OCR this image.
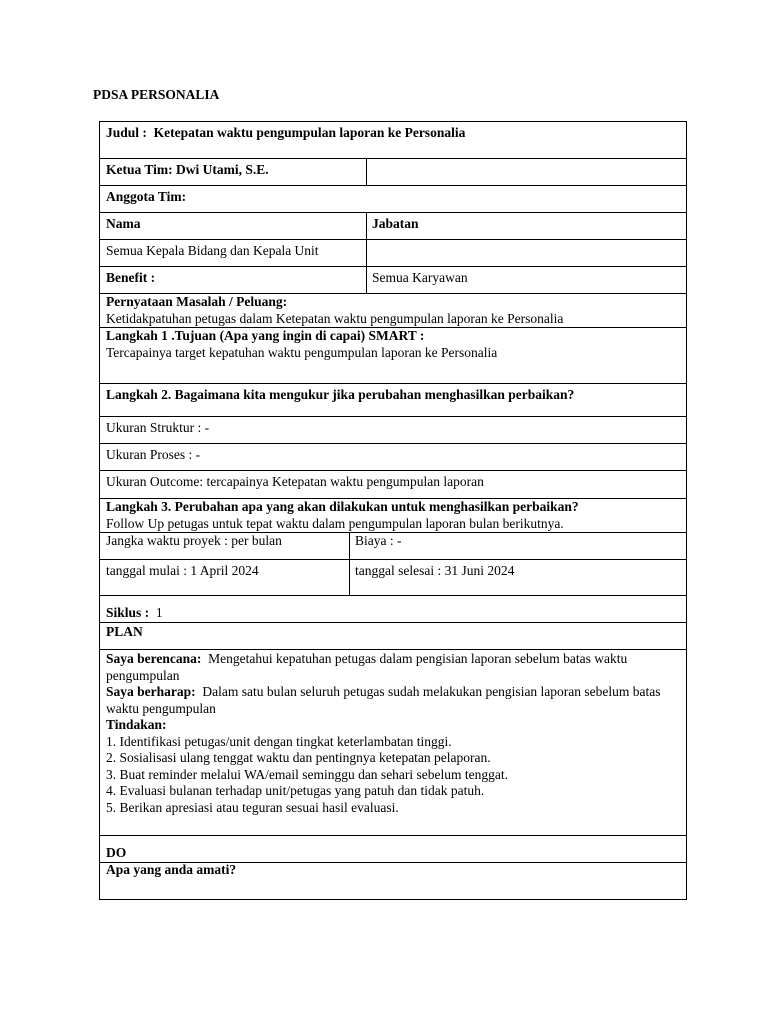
PDSA PERSONALIA
Judul : Ketepatan waktu pengumpulan laporan ke Personalia
Ketua Tim: Dwi Utami, S.E.
Anggota Tim:
Nama	Jabatan
Semua Kepala Bidang dan Kepala Unit
Benefit :	Semua Karyawan
Pernyataan Masalah / Peluang:
Ketidakpatuhan petugas dalam Ketepatan waktu pengumpulan laporan ke Personalia
Langkah 1 .Tujuan (Apa yang ingin di capai) SMART :
Tercapainya target kepatuhan waktu pengumpulan laporan ke Personalia
Langkah 2. Bagaimana kita mengukur jika perubahan menghasilkan perbaikan?
Ukuran Struktur : -
Ukuran Proses : -
Ukuran Outcome: tercapainya Ketepatan waktu pengumpulan laporan
Langkah 3. Perubahan apa yang akan dilakukan untuk menghasilkan perbaikan?
Follow Up petugas untuk tepat waktu dalam pengumpulan laporan bulan berikutnya.
Jangka waktu proyek : per bulan	Biaya : -
tanggal mulai : 1 April 2024	tanggal selesai : 31 Juni 2024
Siklus : 1
PLAN
Saya berencana: Mengetahui kepatuhan petugas dalam pengisian laporan sebelum batas waktu pengumpulan
Saya berharap: Dalam satu bulan seluruh petugas sudah melakukan pengisian laporan sebelum batas waktu pengumpulan
Tindakan:
1. Identifikasi petugas/unit dengan tingkat keterlambatan tinggi.
2. Sosialisasi ulang tenggat waktu dan pentingnya ketepatan pelaporan.
3. Buat reminder melalui WA/email seminggu dan sehari sebelum tenggat.
4. Evaluasi bulanan terhadap unit/petugas yang patuh dan tidak patuh.
5. Berikan apresiasi atau teguran sesuai hasil evaluasi.
DO
Apa yang anda amati?
